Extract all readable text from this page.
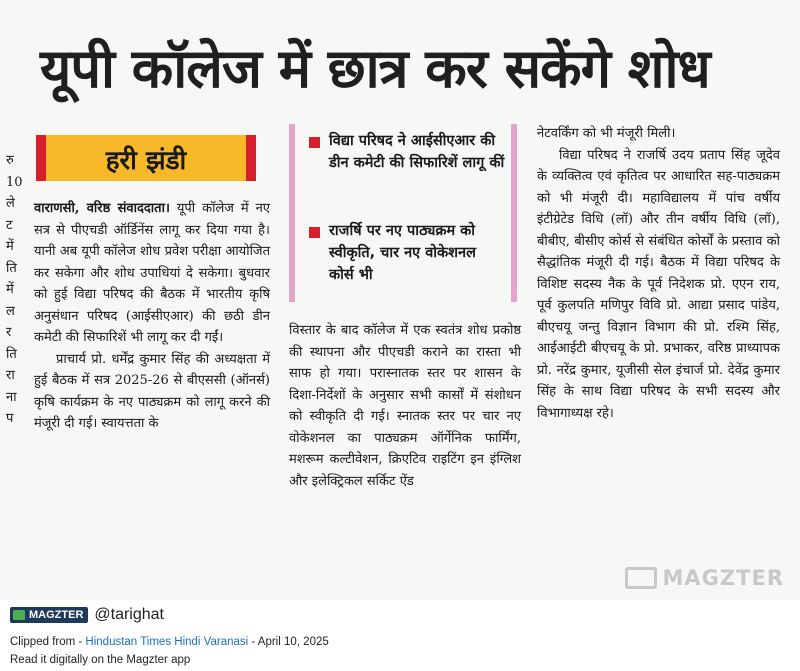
यूपी कॉलेज में छात्र कर सकेंगे शोध
रु
10
ले
ट
में
ति
में
ल
र
ति
रा
ना
प
हरी झंडी

वाराणसी, वरिष्ठ संवाददाता। यूपी कॉलेज में नए सत्र से पीएचडी ऑर्डिनेंस लागू कर दिया गया है। यानी अब यूपी कॉलेज शोध प्रवेश परीक्षा आयोजित कर सकेगा और शोध उपाधियां दे सकेगा। बुधवार को हुई विद्या परिषद की बैठक में भारतीय कृषि अनुसंधान परिषद (आईसीएआर) की छठी डीन कमेटी की सिफारिशें भी लागू कर दी गईं।

प्राचार्य प्रो. धर्मेंद्र कुमार सिंह की अध्यक्षता में हुई बैठक में सत्र 2025-26 से बीएससी (ऑनर्स) कृषि कार्यक्रम के नए पाठ्यक्रम को लागू करने की मंजूरी दी गई। स्वायत्तता के

विद्या परिषद ने आईसीएआर की डीन कमेटी की सिफारिशें लागू कीं
राजर्षि पर नए पाठ्यक्रम को स्वीकृति, चार नए वोकेशनल कोर्स भी

विस्तार के बाद कॉलेज में एक स्वतंत्र शोध प्रकोष्ठ की स्थापना और पीएचडी कराने का रास्ता भी साफ हो गया। परास्नातक स्तर पर शासन के दिशा-निर्देशों के अनुसार सभी कार्सों में संशोधन को स्वीकृति दी गई। स्नातक स्तर पर चार नए वोकेशनल का पाठ्यक्रम ऑर्गेनिक फार्मिंग, मशरूम कल्टीवेशन, क्रिएटिव राइटिंग इन इंग्लिश और इलेक्ट्रिकल सर्किट ऐंड

नेटवर्किंग को भी मंजूरी मिली।

विद्या परिषद ने राजर्षि उदय प्रताप सिंह जूदेव के व्यक्तित्व एवं कृतित्व पर आधारित सह-पाठ्यक्रम को भी मंजूरी दी। महाविद्यालय में पांच वर्षीय इंटीग्रेटेड विधि (लॉ) और तीन वर्षीय विधि (लॉ), बीबीए, बीसीए कोर्स से संबंधित कोर्सों के प्रस्ताव को सैद्धांतिक मंजूरी दी गई। बैठक में विद्या परिषद के विशिष्ट सदस्य नैक के पूर्व निदेशक प्रो. एएन राय, पूर्व कुलपति मणिपुर विवि प्रो. आद्या प्रसाद पांडेय, बीएचयू जन्तु विज्ञान विभाग की प्रो. रश्मि सिंह, आईआईटी बीएचयू के प्रो. प्रभाकर, वरिष्ठ प्राध्यापक प्रो. नरेंद्र कुमार, यूजीसी सेल इंचार्ज प्रो. देवेंद्र कुमार सिंह के साथ विद्या परिषद के सभी सदस्य और विभागाध्यक्ष रहे।

MAGZTER
MAGZTER @tarighat
Clipped from - Hindustan Times Hindi Varanasi - April 10, 2025
Read it digitally on the Magzter app
